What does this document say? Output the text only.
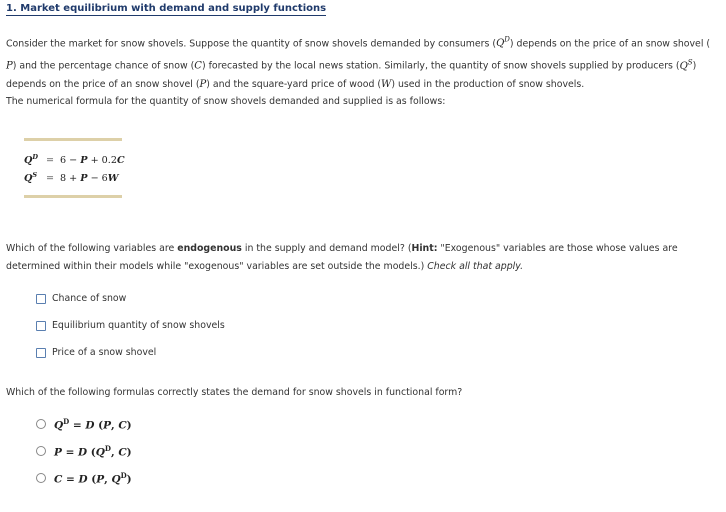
1. Market equilibrium with demand and supply functions
Consider the market for snow shovels. Suppose the quantity of snow shovels demanded by consumers $(Q^D)$ depends on the price of an snow shovel (
P) and the percentage chance of snow (C) forecasted by the local news station. Similarly, the quantity of snow shovels supplied by producers $(Q^S)$
depends on the price of an snow shovel (P) and the square-yard price of wood (W) used in the production of snow shovels.
The numerical formula for the quantity of snow shovels demanded and supplied is as follows:
$Q^D = 6 - P + 0.2C$
$Q^S = 8 + P - 6W$
Which of the following variables are endogenous in the supply and demand model? (Hint: "Exogenous" variables are those whose values are
determined within their models while "exogenous" variables are set outside the models.) Check all that apply.
Chance of snow
Equilibrium quantity of snow shovels
Price of a snow shovel
Which of the following formulas correctly states the demand for snow shovels in functional form?
$Q^D = D$ (P, C)
P = D ($Q^D$, C)
C = D (P, $Q^D$)
